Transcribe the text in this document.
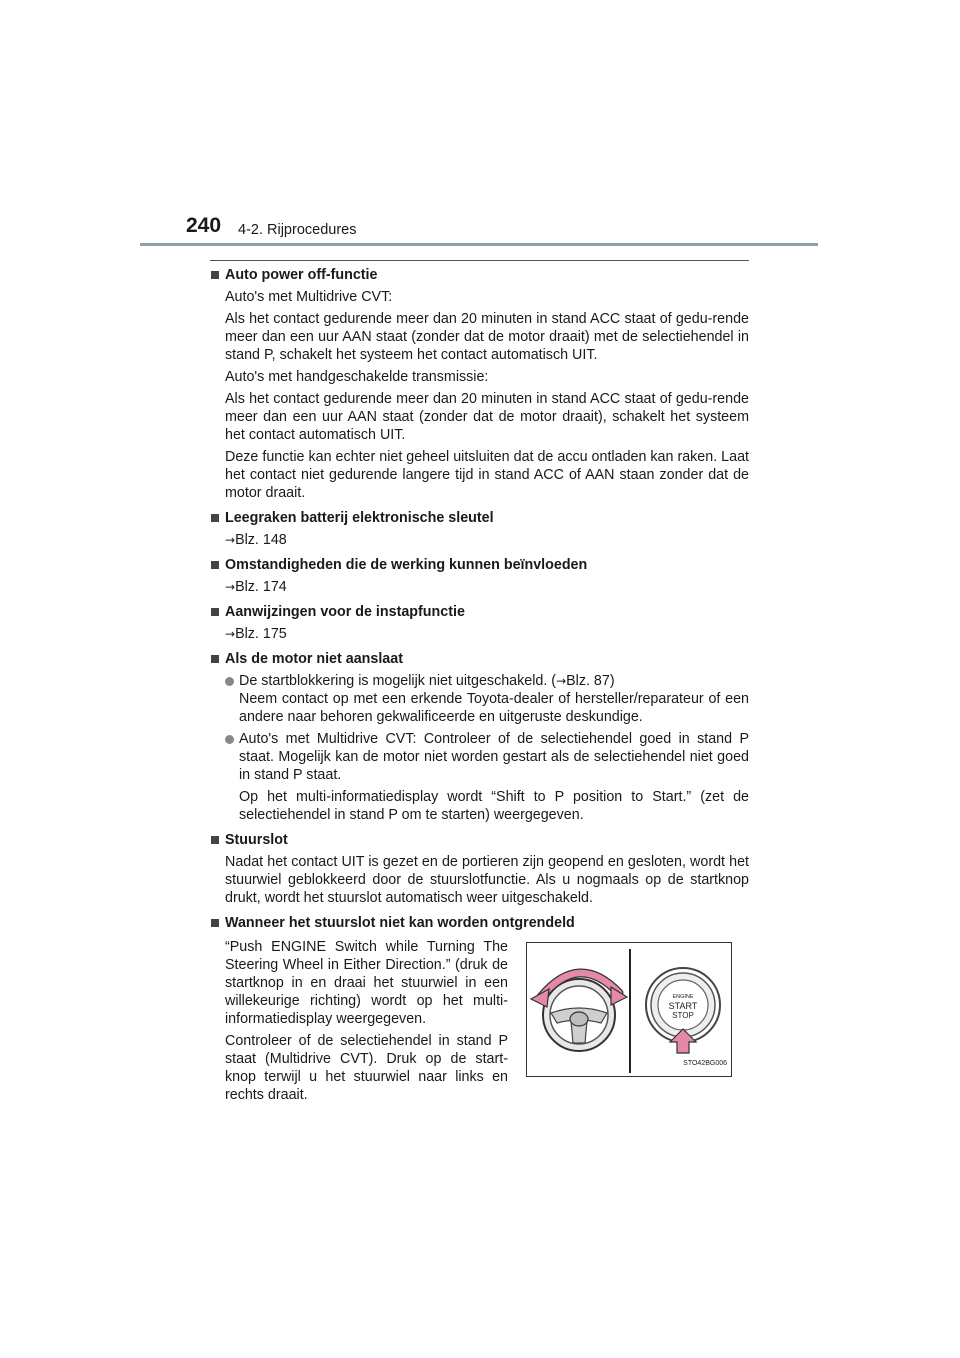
240 4-2. Rijprocedures
Auto power off-functie
Auto's met Multidrive CVT:
Als het contact gedurende meer dan 20 minuten in stand ACC staat of gedu-rende meer dan een uur AAN staat (zonder dat de motor draait) met de selectiehendel in stand P, schakelt het systeem het contact automatisch UIT.
Auto's met handgeschakelde transmissie:
Als het contact gedurende meer dan 20 minuten in stand ACC staat of gedu-rende meer dan een uur AAN staat (zonder dat de motor draait), schakelt het systeem het contact automatisch UIT.
Deze functie kan echter niet geheel uitsluiten dat de accu ontladen kan raken. Laat het contact niet gedurende langere tijd in stand ACC of AAN staan zonder dat de motor draait.
Leegraken batterij elektronische sleutel
→Blz. 148
Omstandigheden die de werking kunnen beïnvloeden
→Blz. 174
Aanwijzingen voor de instapfunctie
→Blz. 175
Als de motor niet aanslaat
De startblokkering is mogelijk niet uitgeschakeld. (→Blz. 87)
Neem contact op met een erkende Toyota-dealer of hersteller/reparateur of een andere naar behoren gekwalificeerde en uitgeruste deskundige.
Auto's met Multidrive CVT: Controleer of de selectiehendel goed in stand P staat. Mogelijk kan de motor niet worden gestart als de selectiehendel niet goed in stand P staat.
Op het multi-informatiedisplay wordt “Shift to P position to Start.” (zet de selectiehendel in stand P om te starten) weergegeven.
Stuurslot
Nadat het contact UIT is gezet en de portieren zijn geopend en gesloten, wordt het stuurwiel geblokkeerd door de stuurslotfunctie. Als u nogmaals op de startknop drukt, wordt het stuurslot automatisch weer uitgeschakeld.
Wanneer het stuurslot niet kan worden ontgrendeld

“Push ENGINE Switch while Turning The Steering Wheel in Either Direction.” (druk de startknop in en draai het stuurwiel in een willekeurige richting) wordt op het multi-informatiedisplay weergegeven.

Controleer of de selectiehendel in stand P staat (Multidrive CVT). Druk op de start-knop terwijl u het stuurwiel naar links en rechts draait.

ENGINE
START
STOP
STO42BG006
